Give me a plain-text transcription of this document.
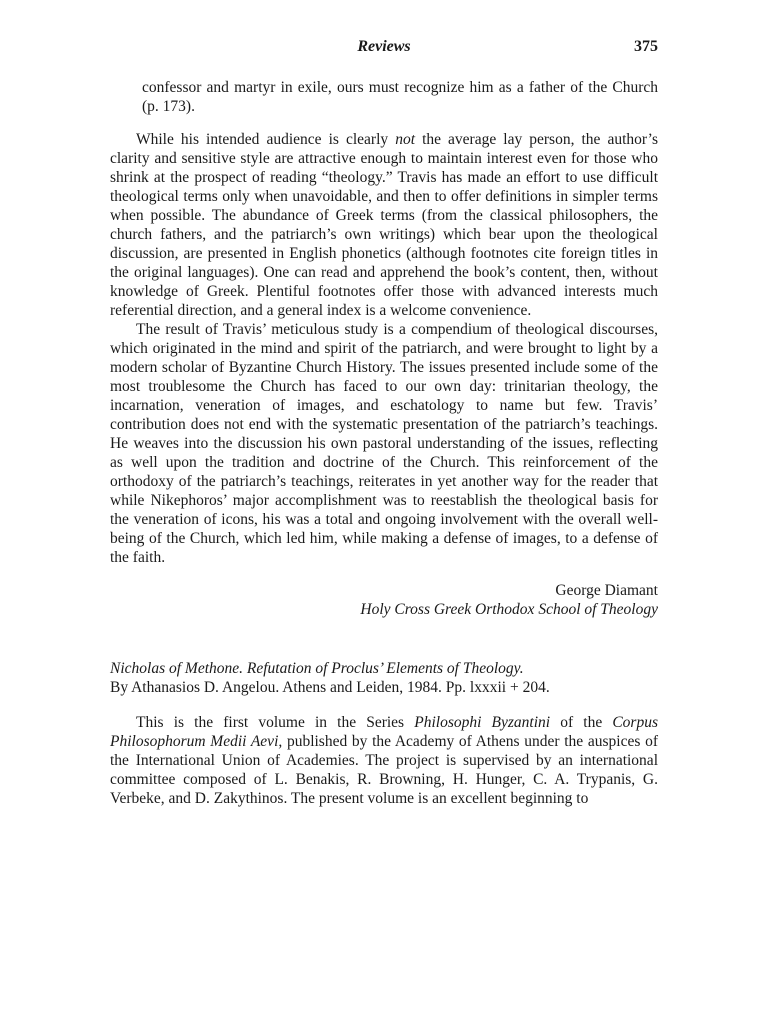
Reviews	375

confessor and martyr in exile, ours must recognize him as a father of the Church (p. 173).

While his intended audience is clearly not the average lay person, the author’s clarity and sensitive style are attractive enough to maintain interest even for those who shrink at the prospect of reading “theology.” Travis has made an effort to use difficult theological terms only when unavoidable, and then to offer definitions in simpler terms when possible. The abundance of Greek terms (from the classical philosophers, the church fathers, and the patriarch’s own writings) which bear upon the theological discussion, are presented in English phonetics (although footnotes cite foreign titles in the original languages). One can read and apprehend the book’s content, then, without knowledge of Greek. Plentiful footnotes offer those with advanced interests much referential direction, and a general index is a welcome convenience.

The result of Travis’ meticulous study is a compendium of theological discourses, which originated in the mind and spirit of the patriarch, and were brought to light by a modern scholar of Byzantine Church History. The issues presented include some of the most troublesome the Church has faced to our own day: trinitarian theology, the incarnation, veneration of images, and eschatology to name but few. Travis’ contribution does not end with the systematic presentation of the patriarch’s teachings. He weaves into the discussion his own pastoral understanding of the issues, reflecting as well upon the tradition and doctrine of the Church. This reinforcement of the orthodoxy of the patriarch’s teachings, reiterates in yet another way for the reader that while Nikephoros’ major accomplishment was to reestablish the theological basis for the veneration of icons, his was a total and ongoing involvement with the overall well-being of the Church, which led him, while making a defense of images, to a defense of the faith.

George Diamant
Holy Cross Greek Orthodox School of Theology

Nicholas of Methone. Refutation of Proclus’ Elements of Theology.
By Athanasios D. Angelou. Athens and Leiden, 1984. Pp. lxxxii + 204.

This is the first volume in the Series Philosophi Byzantini of the Corpus Philosophorum Medii Aevi, published by the Academy of Athens under the auspices of the International Union of Academies. The project is supervised by an international committee composed of L. Benakis, R. Browning, H. Hunger, C. A. Trypanis, G. Verbeke, and D. Zakythinos. The present volume is an excellent beginning to
